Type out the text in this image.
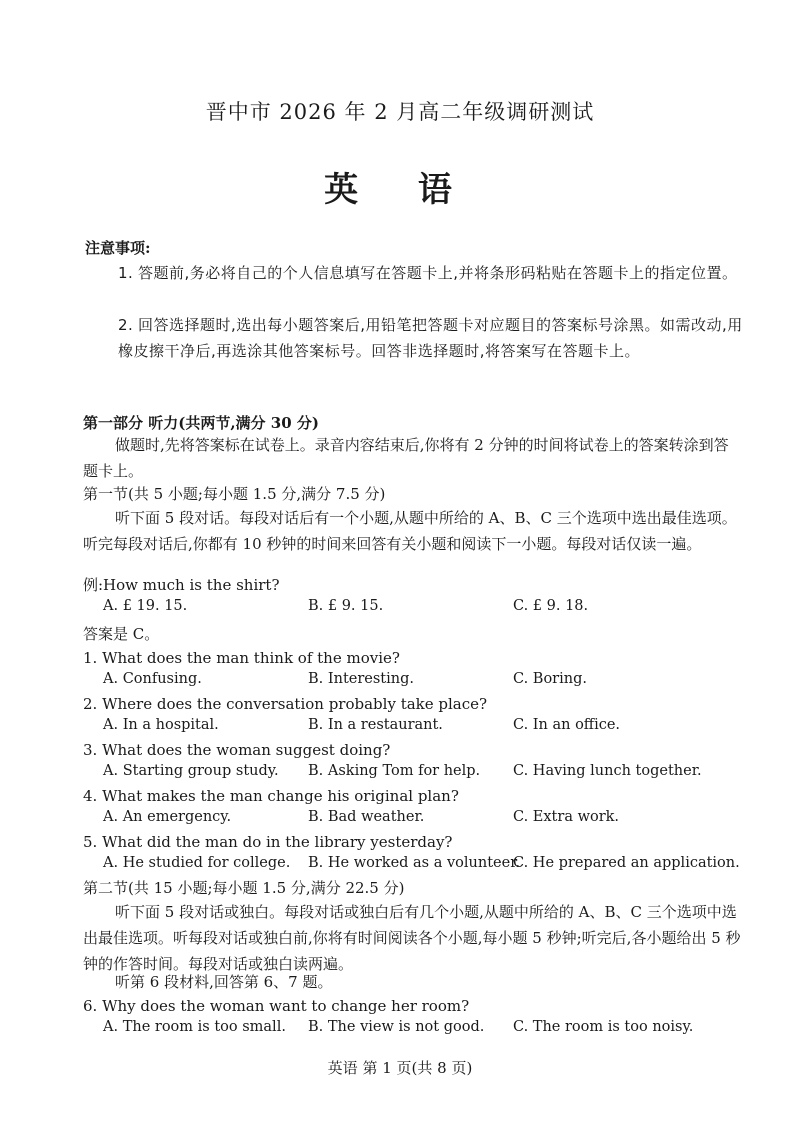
晋中市 2026 年 2 月高二年级调研测试
英 语
注意事项:
1. 答题前,务必将自己的个人信息填写在答题卡上,并将条形码粘贴在答题卡上的指定位置。
2. 回答选择题时,选出每小题答案后,用铅笔把答题卡对应题目的答案标号涂黑。如需改动,用橡皮擦干净后,再选涂其他答案标号。回答非选择题时,将答案写在答题卡上。
第一部分 听力(共两节,满分 30 分)
做题时,先将答案标在试卷上。录音内容结束后,你将有 2 分钟的时间将试卷上的答案转涂到答题卡上。
第一节(共 5 小题;每小题 1.5 分,满分 7.5 分)
听下面 5 段对话。每段对话后有一个小题,从题中所给的 A、B、C 三个选项中选出最佳选项。听完每段对话后,你都有 10 秒钟的时间来回答有关小题和阅读下一小题。每段对话仅读一遍。
例:How much is the shirt?
A. £ 19. 15.	B. £ 9. 15.	C. £ 9. 18.
答案是 C。
1. What does the man think of the movie?
A. Confusing.	B. Interesting.	C. Boring.
2. Where does the conversation probably take place?
A. In a hospital.	B. In a restaurant.	C. In an office.
3. What does the woman suggest doing?
A. Starting group study. B. Asking Tom for help. C. Having lunch together.
4. What makes the man change his original plan?
A. An emergency.	B. Bad weather.	C. Extra work.
5. What did the man do in the library yesterday?
A. He studied for college. B. He worked as a volunteer.
C. He prepared an application.
第二节(共 15 小题;每小题 1.5 分,满分 22.5 分)
听下面 5 段对话或独白。每段对话或独白后有几个小题,从题中所给的 A、B、C 三个选项中选出最佳选项。听每段对话或独白前,你将有时间阅读各个小题,每小题 5 秒钟;听完后,各小题给出 5 秒钟的作答时间。每段对话或独白读两遍。
听第 6 段材料,回答第 6、7 题。
6. Why does the woman want to change her room?
A. The room is too small. B. The view is not good. C. The room is too noisy.
英语 第 1 页(共 8 页)
